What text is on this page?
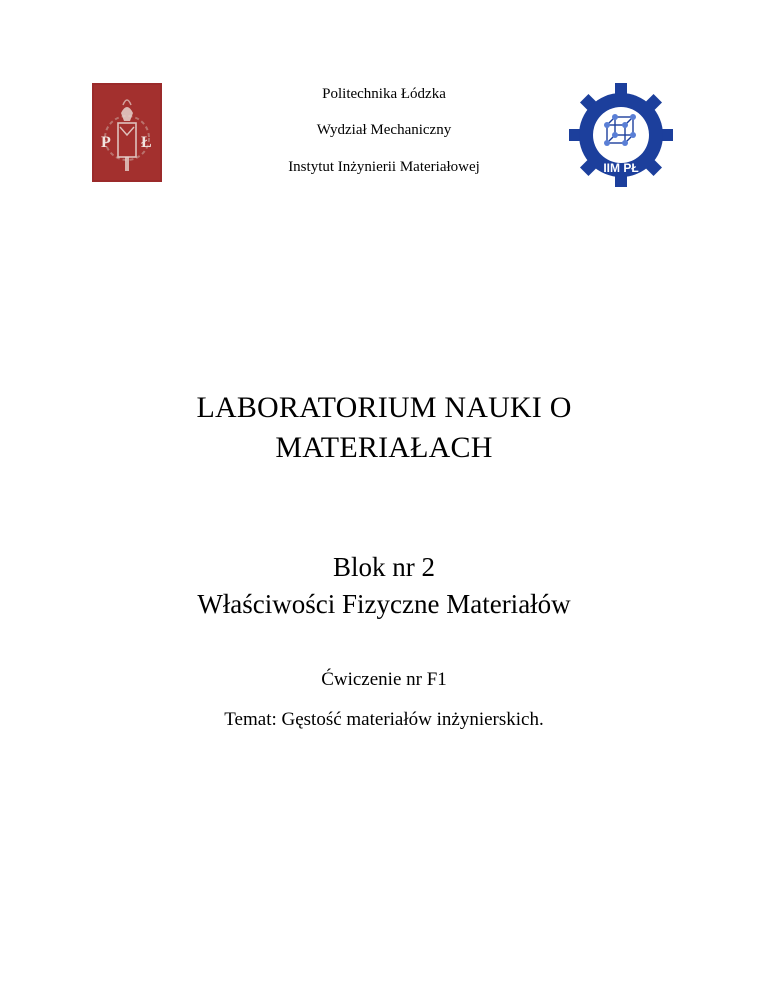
P Ł
IIM PŁ
Politechnika Łódzka
Wydział Mechaniczny
Instytut Inżynierii Materiałowej
LABORATORIUM NAUKI O
MATERIAŁACH
Blok nr 2
Właściwości Fizyczne Materiałów
Ćwiczenie nr F1
Temat: Gęstość materiałów inżynierskich.
